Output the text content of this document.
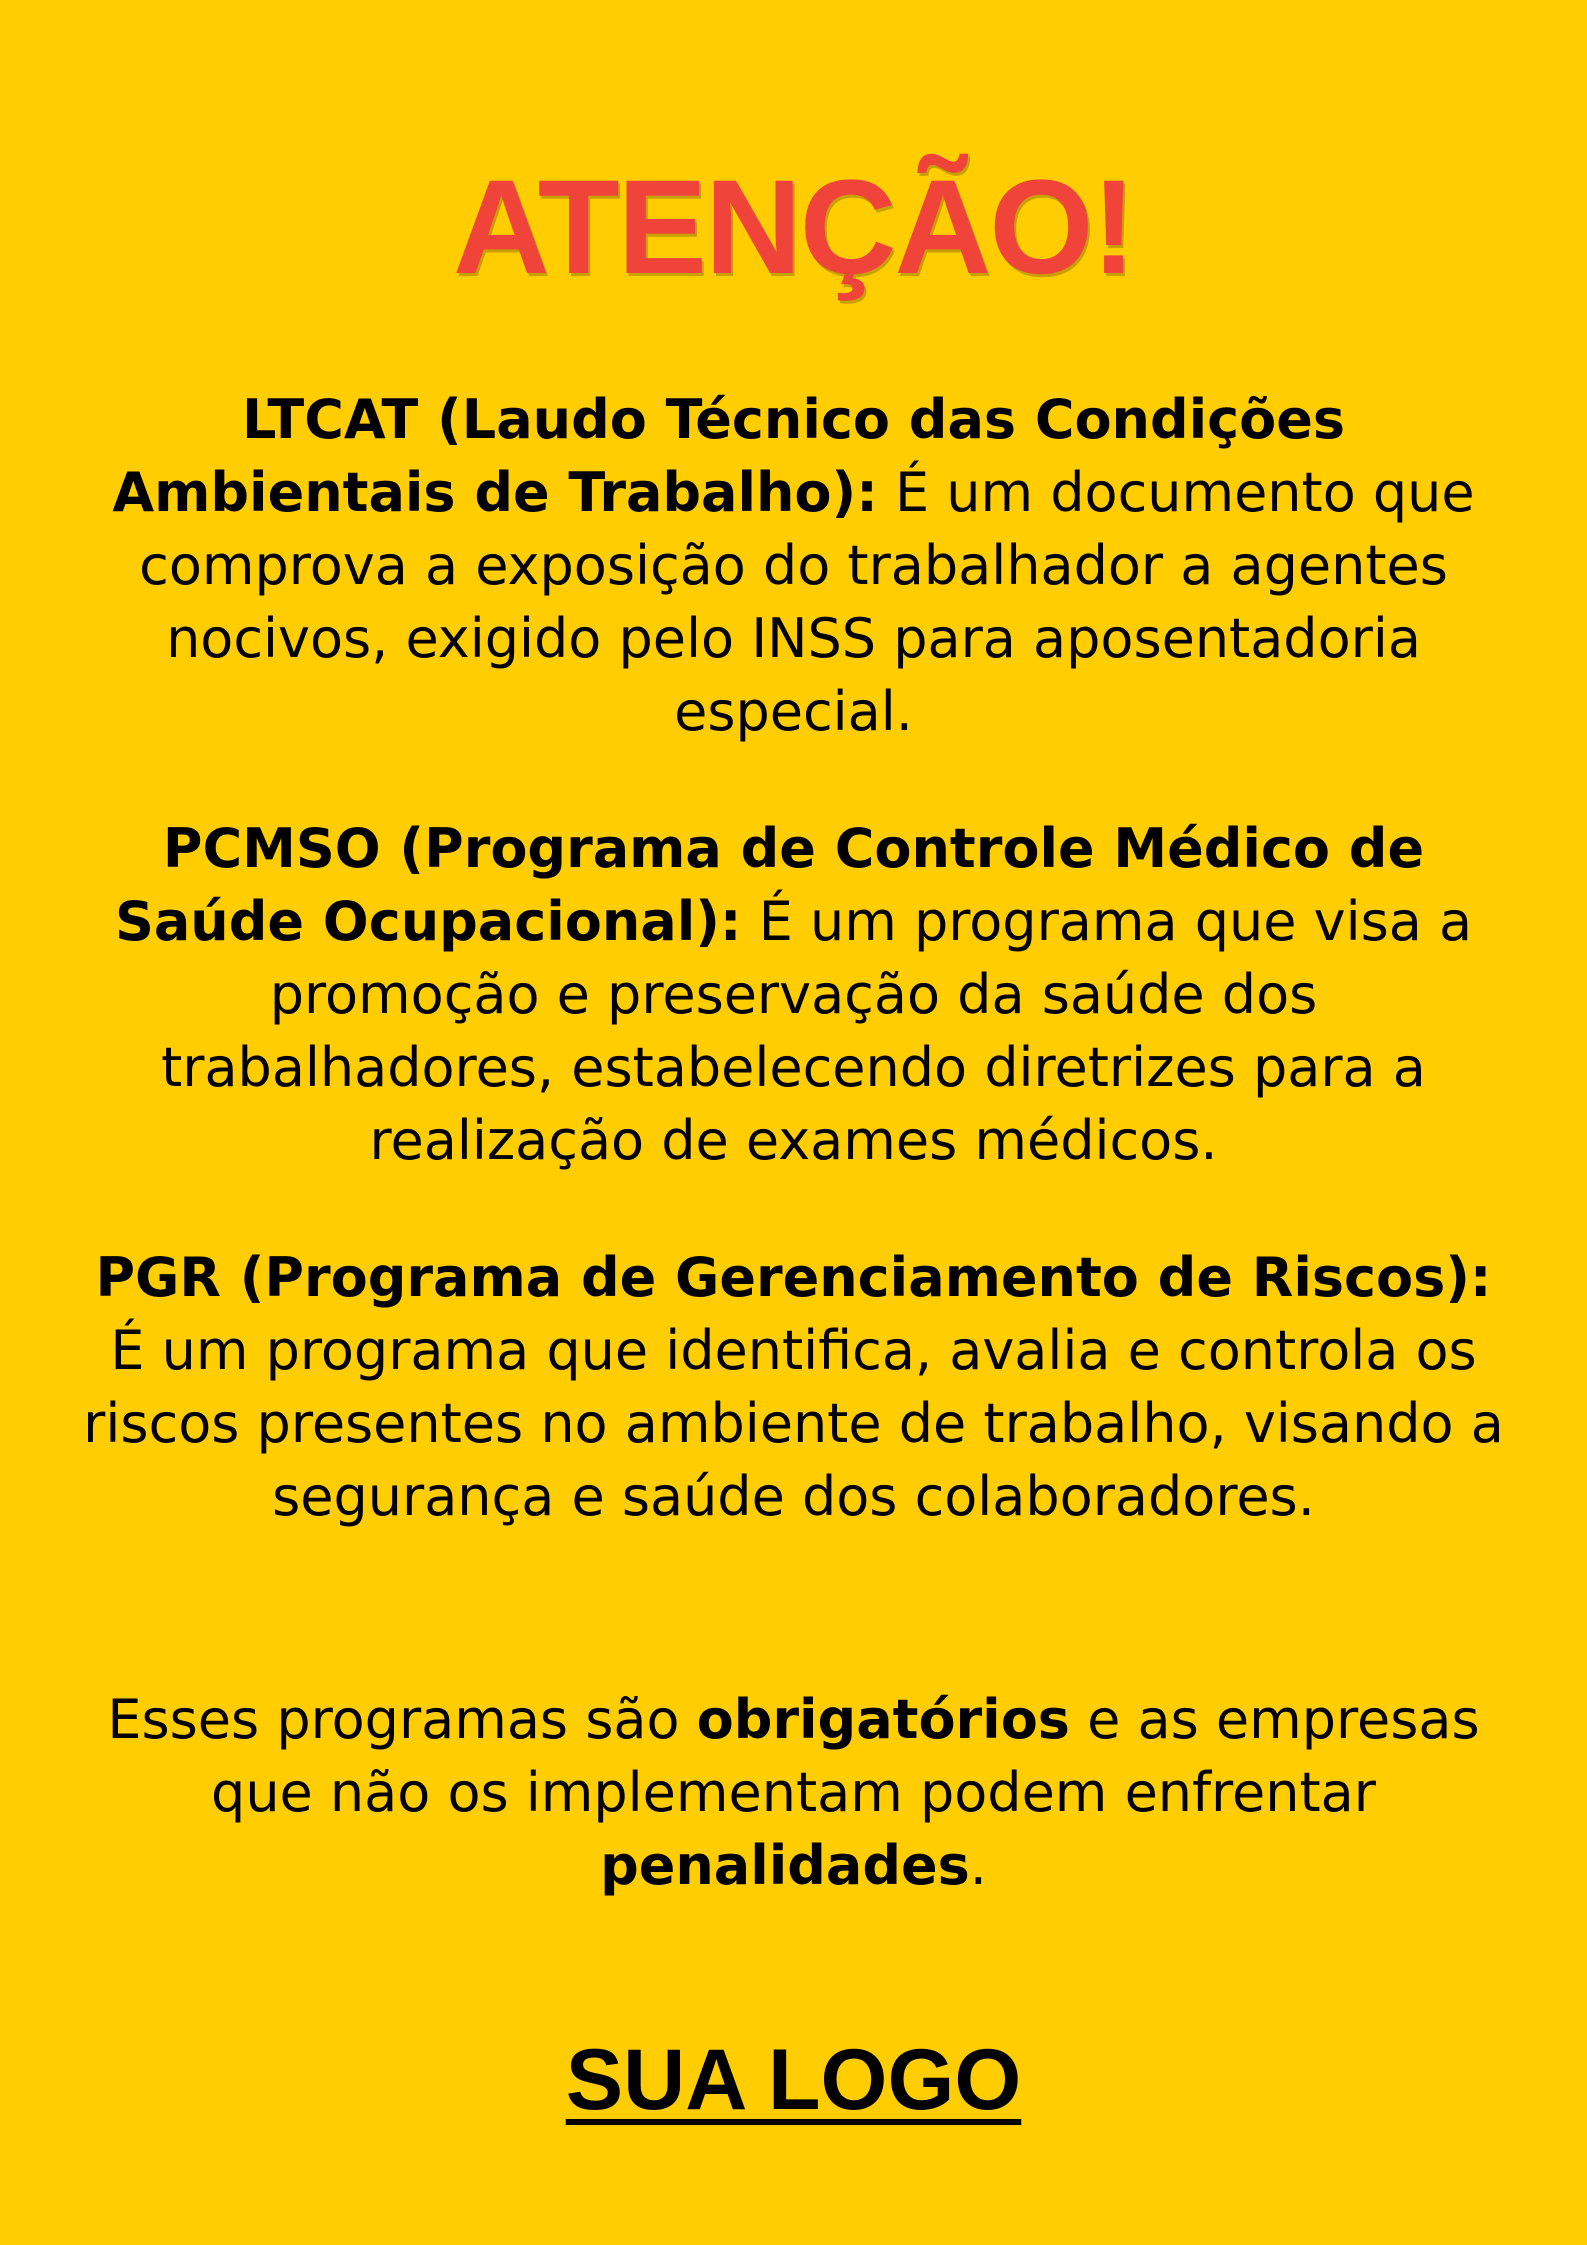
ATENÇÃO!

LTCAT (Laudo Técnico das Condições Ambientais de Trabalho): É um documento que comprova a exposição do trabalhador a agentes nocivos, exigido pelo INSS para aposentadoria especial.

PCMSO (Programa de Controle Médico de Saúde Ocupacional): É um programa que visa a promoção e preservação da saúde dos trabalhadores, estabelecendo diretrizes para a realização de exames médicos.

PGR (Programa de Gerenciamento de Riscos): É um programa que identifica, avalia e controla os riscos presentes no ambiente de trabalho, visando a segurança e saúde dos colaboradores.

Esses programas são obrigatórios e as empresas que não os implementam podem enfrentar penalidades.

SUA LOGO
